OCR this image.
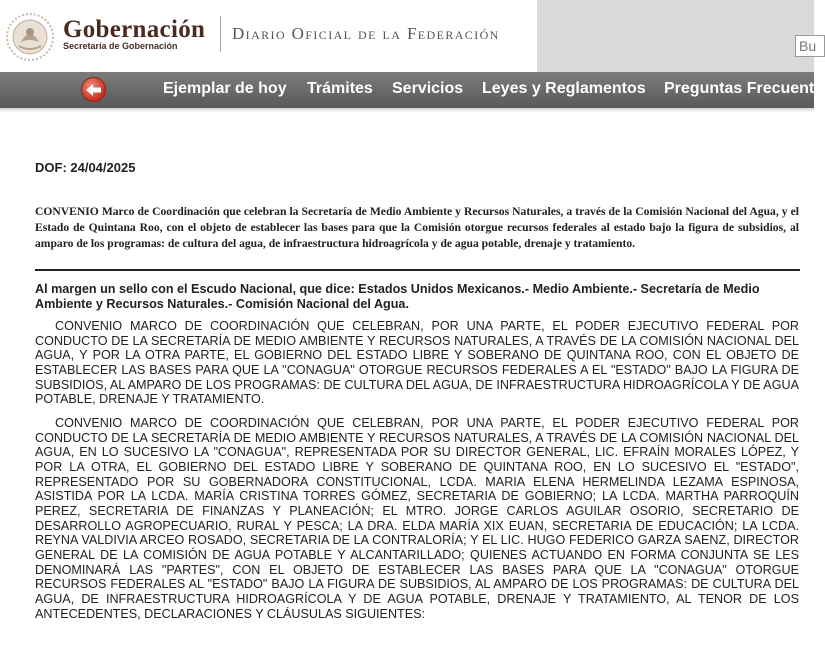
Gobernación
Secretaría de Gobernación
Diario Oficial de la Federación
Bu
Ejemplar de hoy Trámites Servicios Leyes y Reglamentos Preguntas Frecuent
DOF: 24/04/2025
CONVENIO Marco de Coordinación que celebran la Secretaría de Medio Ambiente y Recursos Naturales, a través de la Comisión Nacional del Agua, y el Estado de Quintana Roo, con el objeto de establecer las bases para que la Comisión otorgue recursos federales al estado bajo la figura de subsidios, al amparo de los programas: de cultura del agua, de infraestructura hidroagrícola y de agua potable, drenaje y tratamiento.
Al margen un sello con el Escudo Nacional, que dice: Estados Unidos Mexicanos.- Medio Ambiente.- Secretaría de Medio Ambiente y Recursos Naturales.- Comisión Nacional del Agua.
CONVENIO MARCO DE COORDINACIÓN QUE CELEBRAN, POR UNA PARTE, EL PODER EJECUTIVO FEDERAL POR CONDUCTO DE LA SECRETARÍA DE MEDIO AMBIENTE Y RECURSOS NATURALES, A TRAVÉS DE LA COMISIÓN NACIONAL DEL AGUA, Y POR LA OTRA PARTE, EL GOBIERNO DEL ESTADO LIBRE Y SOBERANO DE QUINTANA ROO, CON EL OBJETO DE ESTABLECER LAS BASES PARA QUE LA "CONAGUA" OTORGUE RECURSOS FEDERALES A EL "ESTADO" BAJO LA FIGURA DE SUBSIDIOS, AL AMPARO DE LOS PROGRAMAS: DE CULTURA DEL AGUA, DE INFRAESTRUCTURA HIDROAGRÍCOLA Y DE AGUA POTABLE, DRENAJE Y TRATAMIENTO.
CONVENIO MARCO DE COORDINACIÓN QUE CELEBRAN, POR UNA PARTE, EL PODER EJECUTIVO FEDERAL POR CONDUCTO DE LA SECRETARÍA DE MEDIO AMBIENTE Y RECURSOS NATURALES, A TRAVÉS DE LA COMISIÓN NACIONAL DEL AGUA, EN LO SUCESIVO LA "CONAGUA", REPRESENTADA POR SU DIRECTOR GENERAL, LIC. EFRAÍN MORALES LÓPEZ, Y POR LA OTRA, EL GOBIERNO DEL ESTADO LIBRE Y SOBERANO DE QUINTANA ROO, EN LO SUCESIVO EL "ESTADO", REPRESENTADO POR SU GOBERNADORA CONSTITUCIONAL, LCDA. MARIA ELENA HERMELINDA LEZAMA ESPINOSA, ASISTIDA POR LA LCDA. MARÍA CRISTINA TORRES GÓMEZ, SECRETARIA DE GOBIERNO; LA LCDA. MARTHA PARROQUÍN PEREZ, SECRETARIA DE FINANZAS Y PLANEACIÓN; EL MTRO. JORGE CARLOS AGUILAR OSORIO, SECRETARIO DE DESARROLLO AGROPECUARIO, RURAL Y PESCA; LA DRA. ELDA MARÍA XIX EUAN, SECRETARIA DE EDUCACIÓN; LA LCDA. REYNA VALDIVIA ARCEO ROSADO, SECRETARIA DE LA CONTRALORÍA; Y EL LIC. HUGO FEDERICO GARZA SAENZ, DIRECTOR GENERAL DE LA COMISIÓN DE AGUA POTABLE Y ALCANTARILLADO; QUIENES ACTUANDO EN FORMA CONJUNTA SE LES DENOMINARÁ LAS "PARTES", CON EL OBJETO DE ESTABLECER LAS BASES PARA QUE LA "CONAGUA" OTORGUE RECURSOS FEDERALES AL "ESTADO" BAJO LA FIGURA DE SUBSIDIOS, AL AMPARO DE LOS PROGRAMAS: DE CULTURA DEL AGUA, DE INFRAESTRUCTURA HIDROAGRÍCOLA Y DE AGUA POTABLE, DRENAJE Y TRATAMIENTO, AL TENOR DE LOS ANTECEDENTES, DECLARACIONES Y CLÁUSULAS SIGUIENTES:
